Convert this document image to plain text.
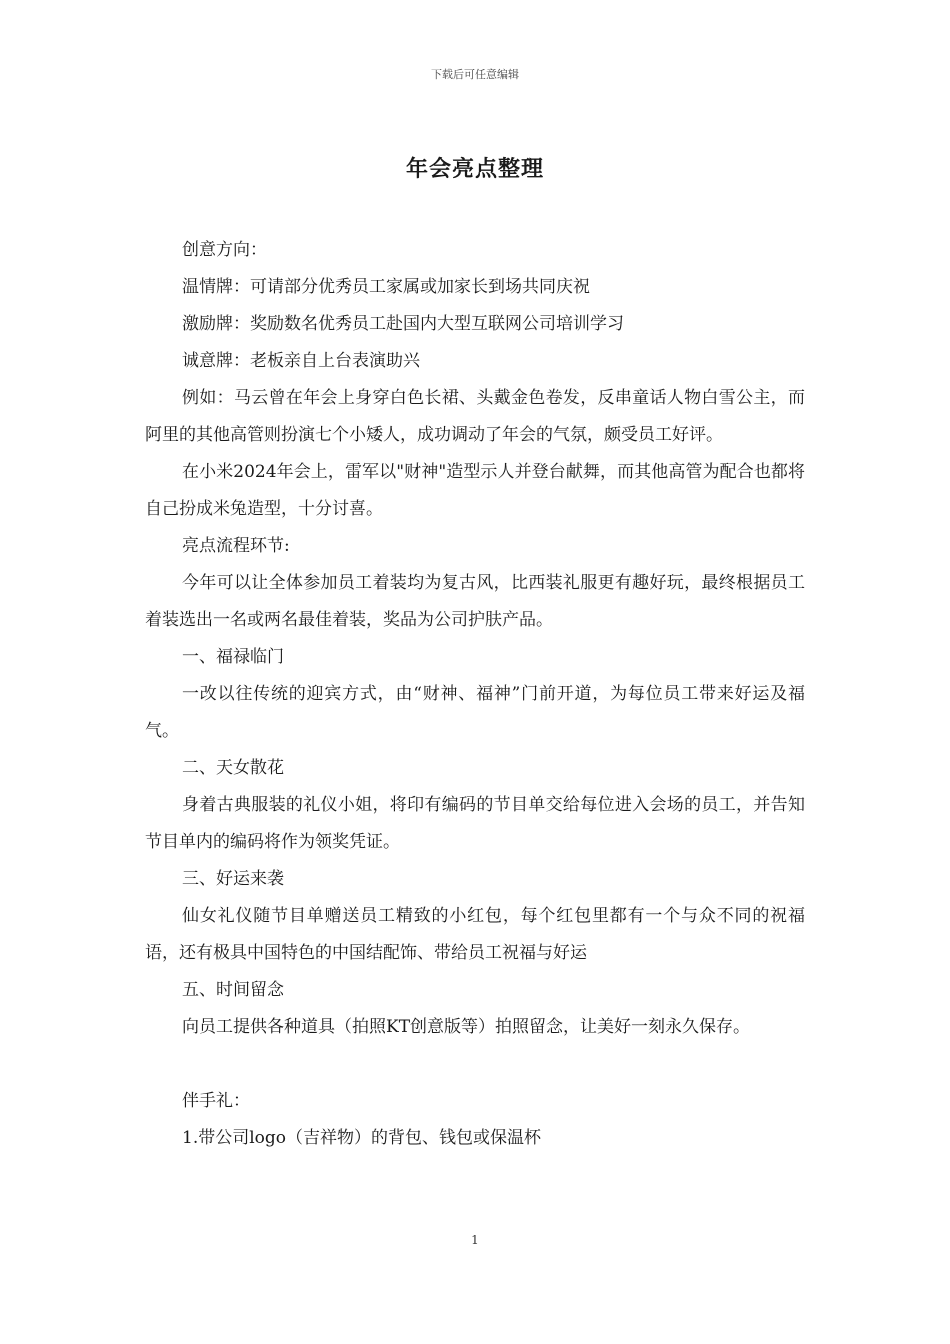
下载后可任意编辑
年会亮点整理

创意方向：

温情牌：可请部分优秀员工家属或加家长到场共同庆祝

激励牌：奖励数名优秀员工赴国内大型互联网公司培训学习

诚意牌：老板亲自上台表演助兴

例如：马云曾在年会上身穿白色长裙、头戴金色卷发，反串童话人物白雪公主，而阿里的其他高管则扮演七个小矮人，成功调动了年会的气氛，颇受员工好评。

在小米2024年会上，雷军以"财神"造型示人并登台献舞，而其他高管为配合也都将自己扮成米兔造型，十分讨喜。

亮点流程环节:

今年可以让全体参加员工着装均为复古风，比西装礼服更有趣好玩，最终根据员工着装选出一名或两名最佳着装，奖品为公司护肤产品。

一、福禄临门

一改以往传统的迎宾方式，由“财神、福神”门前开道，为每位员工带来好运及福气。

二、天女散花

身着古典服装的礼仪小姐，将印有编码的节目单交给每位进入会场的员工，并告知节目单内的编码将作为领奖凭证。

三、好运来袭

仙女礼仪随节目单赠送员工精致的小红包，每个红包里都有一个与众不同的祝福语，还有极具中国特色的中国结配饰、带给员工祝福与好运

五、时间留念

向员工提供各种道具（拍照KT创意版等）拍照留念，让美好一刻永久保存。

伴手礼：

1.带公司logo（吉祥物）的背包、钱包或保温杯

1
